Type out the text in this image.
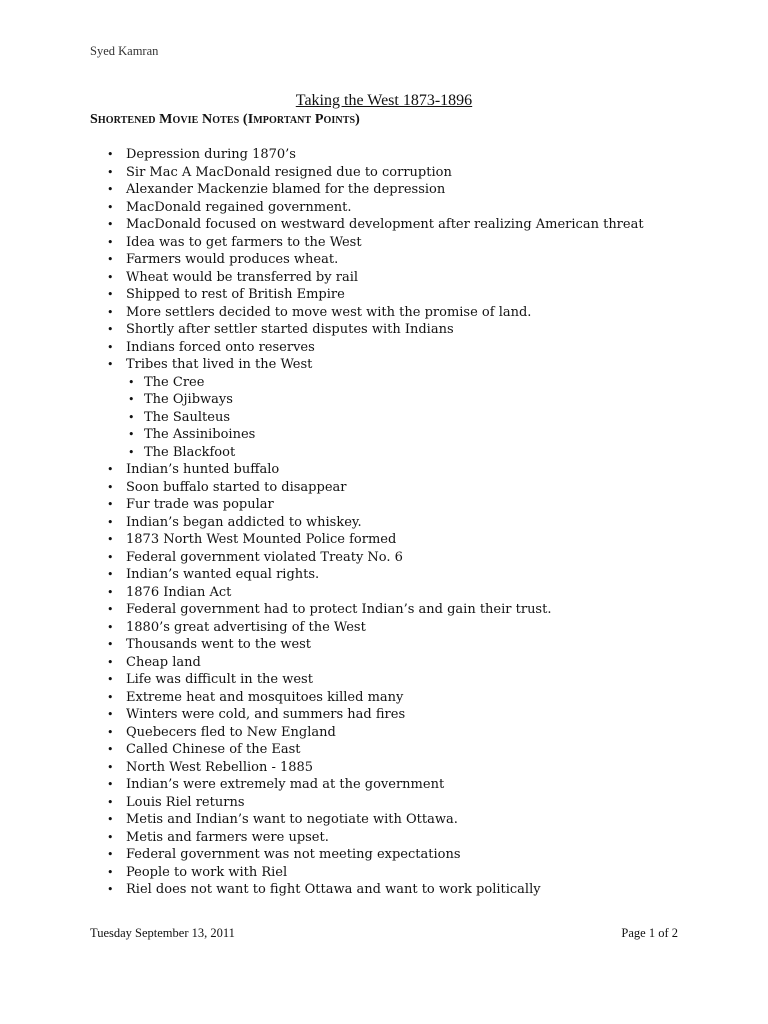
Syed Kamran
Taking the West 1873-1896
Shortened Movie Notes (Important Points)
• Depression during 1870’s
• Sir Mac A MacDonald resigned due to corruption
• Alexander Mackenzie blamed for the depression
• MacDonald regained government.
• MacDonald focused on westward development after realizing American threat
• Idea was to get farmers to the West
• Farmers would produces wheat.
• Wheat would be transferred by rail
• Shipped to rest of British Empire
• More settlers decided to move west with the promise of land.
• Shortly after settler started disputes with Indians
• Indians forced onto reserves
• Tribes that lived in the West
• The Cree
• The Ojibways
• The Saulteus
• The Assiniboines
• The Blackfoot
• Indian’s hunted buffalo
• Soon buffalo started to disappear
• Fur trade was popular
• Indian’s began addicted to whiskey.
• 1873 North West Mounted Police formed
• Federal government violated Treaty No. 6
• Indian’s wanted equal rights.
• 1876 Indian Act
• Federal government had to protect Indian’s and gain their trust.
• 1880’s great advertising of the West
• Thousands went to the west
• Cheap land
• Life was difficult in the west
• Extreme heat and mosquitoes killed many
• Winters were cold, and summers had fires
• Quebecers fled to New England
• Called Chinese of the East
• North West Rebellion - 1885
• Indian’s were extremely mad at the government
• Louis Riel returns
• Metis and Indian’s want to negotiate with Ottawa.
• Metis and farmers were upset.
• Federal government was not meeting expectations
• People to work with Riel
• Riel does not want to fight Ottawa and want to work politically
Tuesday September 13, 2011	Page 1 of 2
